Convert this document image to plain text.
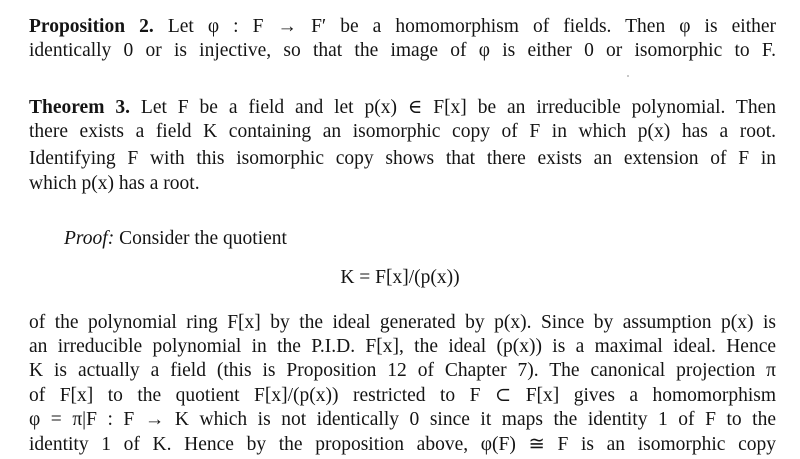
Proposition 2. Let φ : F → F′ be a homomorphism of fields. Then φ is either
identically 0 or is injective, so that the image of φ is either 0 or isomorphic to F.
Theorem 3. Let F be a field and let p(x) ∈ F[x] be an irreducible polynomial. Then
there exists a field K containing an isomorphic copy of F in which p(x) has a root.
Identifying F with this isomorphic copy shows that there exists an extension of F in
which p(x) has a root.
Proof: Consider the quotient
K = F[x]/(p(x))
of the polynomial ring F[x] by the ideal generated by p(x). Since by assumption p(x) is
an irreducible polynomial in the P.I.D. F[x], the ideal (p(x)) is a maximal ideal. Hence
K is actually a field (this is Proposition 12 of Chapter 7). The canonical projection π
of F[x] to the quotient F[x]/(p(x)) restricted to F ⊂ F[x] gives a homomorphism
φ = π|F : F → K which is not identically 0 since it maps the identity 1 of F to the
identity 1 of K. Hence by the proposition above, φ(F) ≅ F is an isomorphic copy
